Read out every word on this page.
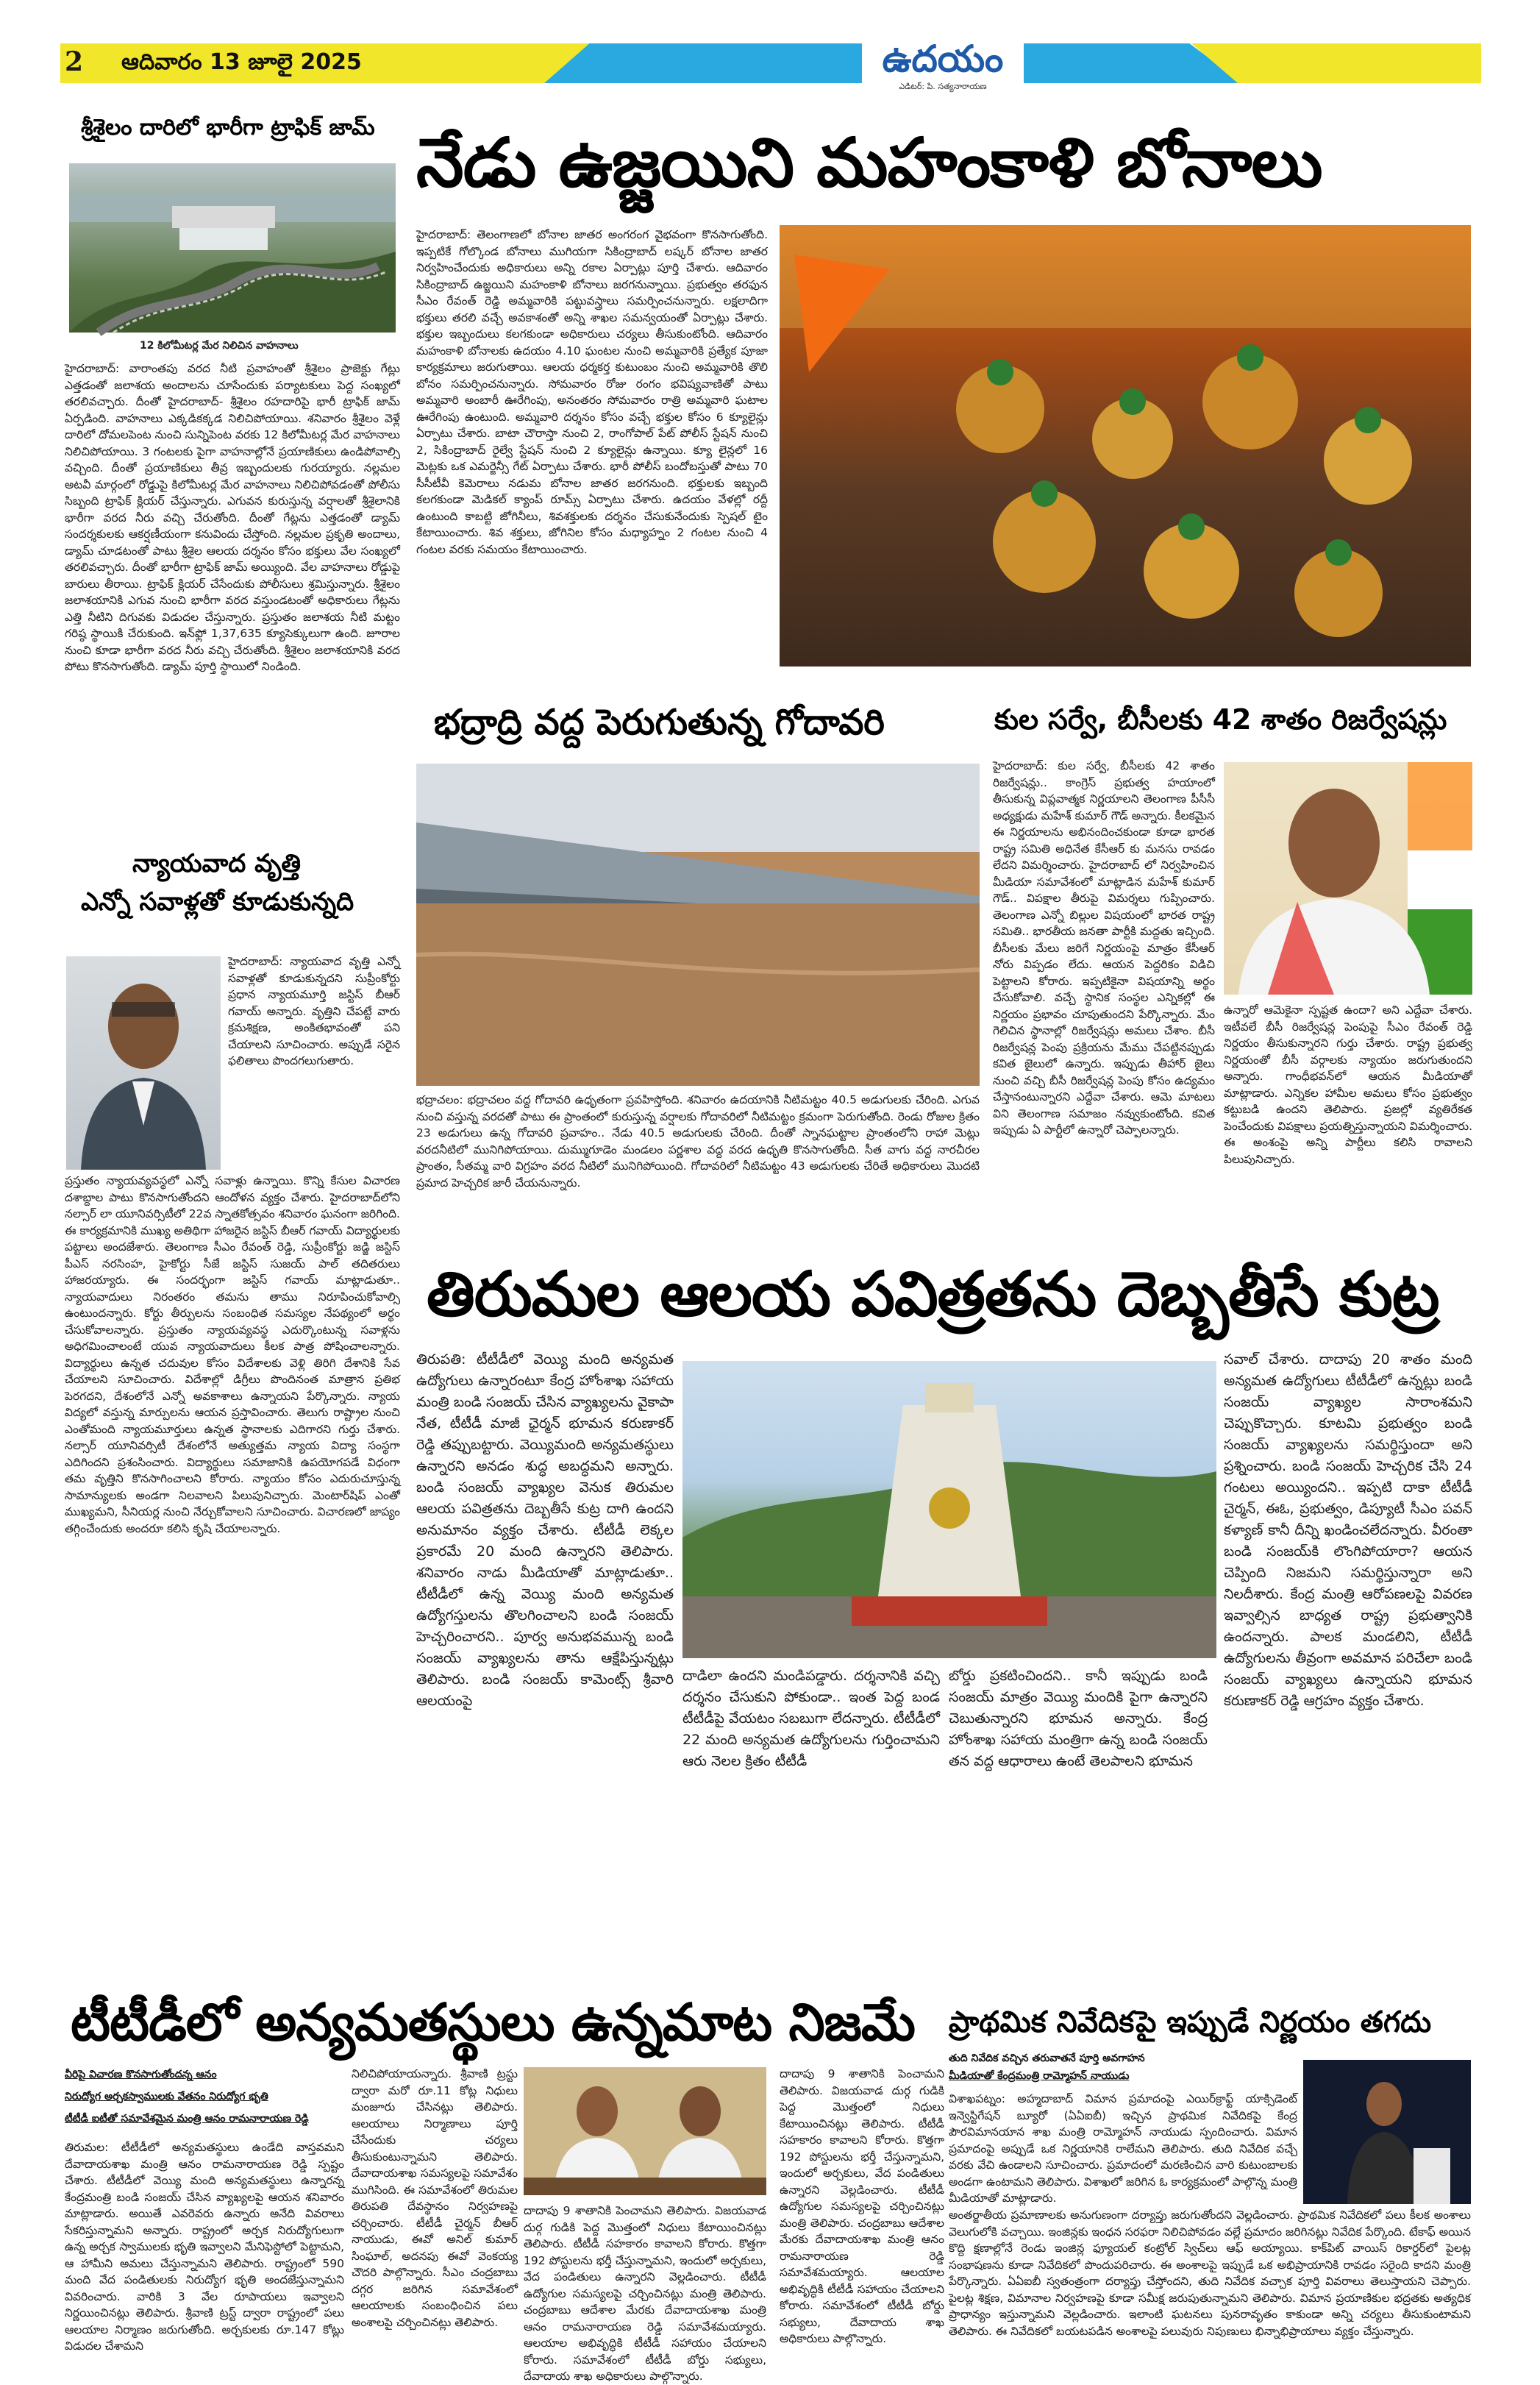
2 ఆదివారం 13 జూలై 2025	ఉదయం
ఎడిటర్: పి. సత్యనారాయణ
శ్రీశైలం దారిలో భారీగా ట్రాఫిక్ జామ్
12 కిలోమీటర్ల మేర నిలిచిన వాహనాలు
హైదరాబాద్: వారాంతపు వరద నీటి ప్రవాహంతో శ్రీశైలం ప్రాజెక్టు గేట్లు ఎత్తడంతో జలాశయ అందాలను చూసేందుకు పర్యాటకులు పెద్ద సంఖ్యలో తరలివచ్చారు. దీంతో హైదరాబాద్- శ్రీశైలం రహదారిపై భారీ ట్రాఫిక్ జామ్ ఏర్పడింది. వాహనాలు ఎక్కడికక్కడ నిలిచిపోయాయి. శనివారం శ్రీశైలం వెళ్లే దారిలో దోమలపెంట నుంచి సున్నిపెంట వరకు 12 కిలోమీటర్ల మేర వాహనాలు నిలిచిపోయాయి. 3 గంటలకు పైగా వాహనాల్లోనే ప్రయాణికులు ఉండిపోవాల్సి వచ్చింది. దీంతో ప్రయాణికులు తీవ్ర ఇబ్బందులకు గురయ్యారు. నల్లమల అటవీ మార్గంలో రోడ్డుపై కిలోమీటర్ల మేర వాహనాలు నిలిచిపోవడంతో పోలీసు సిబ్బంది ట్రాఫిక్ క్లియర్ చేస్తున్నారు. ఎగువన కురుస్తున్న వర్షాలతో శ్రీశైలానికి భారీగా వరద నీరు వచ్చి చేరుతోంది. దీంతో గేట్లను ఎత్తడంతో డ్యామ్ సందర్శకులకు ఆకర్షణీయంగా కనువిందు చేస్తోంది. నల్లమల ప్రకృతి అందాలు, డ్యామ్ చూడటంతో పాటు శ్రీశైల ఆలయ దర్శనం కోసం భక్తులు వేల సంఖ్యలో తరలివచ్చారు. దీంతో భారీగా ట్రాఫిక్ జామ్ అయ్యింది. వేల వాహనాలు రోడ్డుపై బారులు తీరాయి. ట్రాఫిక్ క్లియర్ చేసేందుకు పోలీసులు శ్రమిస్తున్నారు. శ్రీశైలం జలాశయానికి ఎగువ నుంచి భారీగా వరద వస్తుండటంతో అధికారులు గేట్లను ఎత్తి నీటిని దిగువకు విడుదల చేస్తున్నారు. ప్రస్తుతం జలాశయ నీటి మట్టం గరిష్ఠ స్థాయికి చేరుకుంది. ఇన్‌ఫ్లో 1,37,635 క్యూసెక్కులుగా ఉంది. జూరాల నుంచి కూడా భారీగా వరద నీరు వచ్చి చేరుతోంది. శ్రీశైలం జలాశయానికి వరద పోటు కొనసాగుతోంది. డ్యామ్ పూర్తి స్థాయిలో నిండింది.
న్యాయవాద వృత్తి
ఎన్నో సవాళ్లతో కూడుకున్నది
హైదరాబాద్: న్యాయవాద వృత్తి ఎన్నో సవాళ్లతో కూడుకున్నదని సుప్రీంకోర్టు ప్రధాన న్యాయమూర్తి జస్టిస్ బీఆర్ గవాయ్ అన్నారు. వృత్తిని చేపట్టే వారు క్రమశిక్షణ, అంకితభావంతో పని చేయాలని సూచించారు. అప్పుడే సరైన ఫలితాలు పొందగలుగుతారు.
ప్రస్తుతం న్యాయవ్యవస్థలో ఎన్నో సవాళ్లు ఉన్నాయి. కొన్ని కేసుల విచారణ దశాబ్దాల పాటు కొనసాగుతోందని ఆందోళన వ్యక్తం చేశారు. హైదరాబాద్‌లోని నల్సార్ లా యూనివర్సిటీలో 22వ స్నాతకోత్సవం శనివారం ఘనంగా జరిగింది. ఈ కార్యక్రమానికి ముఖ్య అతిథిగా హాజరైన జస్టిస్ బీఆర్ గవాయ్ విద్యార్థులకు పట్టాలు అందజేశారు. తెలంగాణ సీఎం రేవంత్ రెడ్డి, సుప్రీంకోర్టు జడ్జి జస్టిస్ పీఎస్ నరసింహ, హైకోర్టు సీజే జస్టిస్ సుజయ్ పాల్ తదితరులు హాజరయ్యారు. ఈ సందర్భంగా జస్టిస్ గవాయ్ మాట్లాడుతూ.. న్యాయవాదులు నిరంతరం తమను తాము నిరూపించుకోవాల్సి ఉంటుందన్నారు. కోర్టు తీర్పులను సంబంధిత సమస్యల నేపథ్యంలో అర్థం చేసుకోవాలన్నారు. ప్రస్తుతం న్యాయవ్యవస్థ ఎదుర్కొంటున్న సవాళ్లను అధిగమించాలంటే యువ న్యాయవాదులు కీలక పాత్ర పోషించాలన్నారు. విద్యార్థులు ఉన్నత చదువుల కోసం విదేశాలకు వెళ్లి తిరిగి దేశానికి సేవ చేయాలని సూచించారు. విదేశాల్లో డిగ్రీలు పొందినంత మాత్రాన ప్రతిభ పెరగదని, దేశంలోనే ఎన్నో అవకాశాలు ఉన్నాయని పేర్కొన్నారు. న్యాయ విద్యలో వస్తున్న మార్పులను ఆయన ప్రస్తావించారు. తెలుగు రాష్ట్రాల నుంచి ఎంతోమంది న్యాయమూర్తులు ఉన్నత స్థానాలకు ఎదిగారని గుర్తు చేశారు. నల్సార్ యూనివర్సిటీ దేశంలోనే అత్యుత్తమ న్యాయ విద్యా సంస్థగా ఎదిగిందని ప్రశంసించారు. విద్యార్థులు సమాజానికి ఉపయోగపడే విధంగా తమ వృత్తిని కొనసాగించాలని కోరారు. న్యాయం కోసం ఎదురుచూస్తున్న సామాన్యులకు అండగా నిలవాలని పిలుపునిచ్చారు. మెంటార్‌షిప్ ఎంతో ముఖ్యమని, సీనియర్ల నుంచి నేర్చుకోవాలని సూచించారు. విచారణలో జాప్యం తగ్గించేందుకు అందరూ కలిసి కృషి చేయాలన్నారు.
నేడు ఉజ్జయిని మహంకాళి బోనాలు
హైదరాబాద్: తెలంగాణలో బోనాల జాతర అంగరంగ వైభవంగా కొనసాగుతోంది. ఇప్పటికే గోల్కొండ బోనాలు ముగియగా సికింద్రాబాద్ లష్కర్ బోనాల జాతర నిర్వహించేందుకు అధికారులు అన్ని రకాల ఏర్పాట్లు పూర్తి చేశారు. ఆదివారం సికింద్రాబాద్ ఉజ్జయిని మహంకాళి బోనాలు జరగనున్నాయి. ప్రభుత్వం తరఫున సీఎం రేవంత్ రెడ్డి అమ్మవారికి పట్టువస్త్రాలు సమర్పించనున్నారు. లక్షలాదిగా భక్తులు తరలి వచ్చే అవకాశంతో అన్ని శాఖల సమన్వయంతో ఏర్పాట్లు చేశారు. భక్తుల ఇబ్బందులు కలగకుండా అధికారులు చర్యలు తీసుకుంటోంది. ఆదివారం మహంకాళి బోనాలకు ఉదయం 4.10 ఘంటల నుంచి అమ్మవారికి ప్రత్యేక పూజా కార్యక్రమాలు జరుగుతాయి. ఆలయ ధర్మకర్త కుటుంబం నుంచి అమ్మవారికి తొలి బోనం సమర్పించనున్నారు. సోమవారం రోజు రంగం భవిష్యవాణితో పాటు అమ్మవారి అంబారీ ఊరేగింపు, అనంతరం సోమవారం రాత్రి అమ్మవారి ఘటాల ఊరేగింపు ఉంటుంది. అమ్మవారి దర్శనం కోసం వచ్చే భక్తుల కోసం 6 క్యూలైన్లు ఏర్పాటు చేశారు. బాటా చౌరాస్తా నుంచి 2, రాంగోపాల్ పేట్ పోలీస్ స్టేషన్ నుంచి 2, సికింద్రాబాద్ రైల్వే స్టేషన్ నుంచి 2 క్యూలైన్లు ఉన్నాయి. క్యూ లైన్లలో 16 మెట్లకు ఒక ఎమర్జెన్సీ గేట్ ఏర్పాటు చేశారు. భారీ పోలీస్ బందోబస్తుతో పాటు 70 సీసీటీవీ కెమెరాలు నడుమ బోనాల జాతర జరగనుంది. భక్తులకు ఇబ్బంది కలగకుండా మెడికల్ క్యాంప్ రూమ్స్ ఏర్పాటు చేశారు. ఉదయం వేళల్లో రద్దీ ఉంటుంది కాబట్టి జోగినీలు, శివశక్తులకు దర్శనం చేసుకునేందుకు స్పెషల్ టైం కేటాయించారు. శివ శక్తులు, జోగినిల కోసం మధ్యాహ్నం 2 గంటల నుంచి 4 గంటల వరకు సమయం కేటాయించారు.
భద్రాద్రి వద్ద పెరుగుతున్న గోదావరి
భద్రాచలం: భద్రాచలం వద్ద గోదావరి ఉధృతంగా ప్రవహిస్తోంది. శనివారం ఉదయానికి నీటిమట్టం 40.5 అడుగులకు చేరింది. ఎగువ నుంచి వస్తున్న వరదతో పాటు ఈ ప్రాంతంలో కురుస్తున్న వర్షాలకు గోదావరిలో నీటిమట్టం క్రమంగా పెరుగుతోంది. రెండు రోజుల క్రితం 23 అడుగులు ఉన్న గోదావరి ప్రవాహం.. నేడు 40.5 అడుగులకు చేరింది. దీంతో స్నానఘట్టాల ప్రాంతంలోని రాహా మెట్లు వరదనీటిలో మునిగిపోయాయి. దుమ్ముగూడెం మండలం పర్ణశాల వద్ద వరద ఉధృతి కొనసాగుతోంది. సీత వాగు వద్ద నారచీరల ప్రాంతం, సీతమ్మ వారి విగ్రహం వరద నీటిలో మునిగిపోయింది. గోదావరిలో నీటిమట్టం 43 అడుగులకు చేరితే అధికారులు మొదటి ప్రమాద హెచ్చరిక జారీ చేయనున్నారు.
కుల సర్వే, బీసీలకు 42 శాతం రిజర్వేషన్లు
హైదరాబాద్: కుల సర్వే, బీసీలకు 42 శాతం రిజర్వేషన్లు.. కాంగ్రెస్ ప్రభుత్వ హయాంలో తీసుకున్న విప్లవాత్మక నిర్ణయాలని తెలంగాణ పీసీసీ అధ్యక్షుడు మహేశ్ కుమార్ గౌడ్ అన్నారు. కీలకమైన ఈ నిర్ణయాలను అభినందించకుండా కూడా భారత రాష్ట్ర సమితి అధినేత కేసీఆర్ కు మనసు రావడం లేదని విమర్శించారు. హైదరాబాద్ లో నిర్వహించిన మీడియా సమావేశంలో మాట్లాడిన మహేశ్ కుమార్ గౌడ్.. విపక్షాల తీరుపై విమర్శలు గుప్పించారు. తెలంగాణ ఎన్నో బిల్లుల విషయంలో భారత రాష్ట్ర సమితి.. భారతీయ జనతా పార్టీకి మద్దతు ఇచ్చింది. బీసీలకు మేలు జరిగే నిర్ణయంపై మాత్రం కేసీఆర్ నోరు విప్పడం లేదు. ఆయన పెద్దరికం విడిచి పెట్టాలని కోరారు. ఇప్పటికైనా విషయాన్ని అర్థం చేసుకోవాలి. వచ్చే స్థానిక సంస్థల ఎన్నికల్లో ఈ నిర్ణయం ప్రభావం చూపుతుందని పేర్కొన్నారు. మేం గెలిచిన స్థానాల్లో రిజర్వేషన్లు అమలు చేశాం. బీసీ రిజర్వేషన్ల పెంపు ప్రక్రియను మేము చేపట్టినప్పుడు కవిత జైలులో ఉన్నారు. ఇప్పుడు తీహార్ జైలు నుంచి వచ్చి బీసీ రిజర్వేషన్ల పెంపు కోసం ఉద్యమం చేస్తానంటున్నారని ఎద్దేవా చేశారు. ఆమె మాటలు విని తెలంగాణ సమాజం నవ్వుకుంటోంది. కవిత ఇప్పుడు ఏ పార్టీలో ఉన్నారో చెప్పాలన్నారు.
ఉన్నారో ఆమెకైనా స్పష్టత ఉందా? అని ఎద్దేవా చేశారు. ఇటీవలే బీసీ రిజర్వేషన్ల పెంపుపై సీఎం రేవంత్ రెడ్డి నిర్ణయం తీసుకున్నారని గుర్తు చేశారు. రాష్ట్ర ప్రభుత్వ నిర్ణయంతో బీసీ వర్గాలకు న్యాయం జరుగుతుందని అన్నారు. గాంధీభవన్‌లో ఆయన మీడియాతో మాట్లాడారు. ఎన్నికల హామీల అమలు కోసం ప్రభుత్వం కట్టుబడి ఉందని తెలిపారు. ప్రజల్లో వ్యతిరేకత పెంచేందుకు విపక్షాలు ప్రయత్నిస్తున్నాయని విమర్శించారు. ఈ అంశంపై అన్ని పార్టీలు కలిసి రావాలని పిలుపునిచ్చారు.
తిరుమల ఆలయ పవిత్రతను దెబ్బతీసే కుట్ర
తిరుపతి: టీటీడీలో వెయ్యి మంది అన్యమత ఉద్యోగులు ఉన్నారంటూ కేంద్ర హోంశాఖ సహాయ మంత్రి బండి సంజయ్ చేసిన వ్యాఖ్యలను వైకాపా నేత, టీటీడీ మాజీ ఛైర్మన్ భూమన కరుణాకర్ రెడ్డి తప్పుబట్టారు. వెయ్యిమంది అన్యమతస్థులు ఉన్నారని అనడం శుద్ధ అబద్ధమని అన్నారు. బండి సంజయ్ వ్యాఖ్యల వెనుక తిరుమల ఆలయ పవిత్రతను దెబ్బతీసే కుట్ర దాగి ఉందని అనుమానం వ్యక్తం చేశారు. టీటీడీ లెక్కల ప్రకారమే 20 మంది ఉన్నారని తెలిపారు. శనివారం నాడు మీడియాతో మాట్లాడుతూ.. టీటీడీలో ఉన్న వెయ్యి మంది అన్యమత ఉద్యోగస్తులను తొలగించాలని బండి సంజయ్ హెచ్చరించారని.. పూర్వ అనుభవమున్న బండి సంజయ్ వ్యాఖ్యలను తాను ఆక్షేపిస్తున్నట్లు తెలిపారు. బండి సంజయ్ కామెంట్స్ శ్రీవారి ఆలయంపై
దాడిలా ఉందని మండిపడ్డారు. దర్శనానికి వచ్చి దర్శనం చేసుకుని పోకుండా.. ఇంత పెద్ద బండ టీటీడీపై వేయటం సబబుగా లేదన్నారు. టీటీడీలో 22 మంది అన్యమత ఉద్యోగులను గుర్తించామని ఆరు నెలల క్రితం టీటీడీ
బోర్డు ప్రకటించిందని.. కానీ ఇప్పుడు బండి సంజయ్ మాత్రం వెయ్యి మందికి పైగా ఉన్నారని చెబుతున్నారని భూమన అన్నారు. కేంద్ర హోంశాఖ సహాయ మంత్రిగా ఉన్న బండి సంజయ్ తన వద్ద ఆధారాలు ఉంటే తెలపాలని భూమన
సవాల్ చేశారు. దాదాపు 20 శాతం మంది అన్యమత ఉద్యోగులు టీటీడీలో ఉన్నట్లు బండి సంజయ్ వ్యాఖ్యల సారాంశమని చెప్పుకొచ్చారు. కూటమి ప్రభుత్వం బండి సంజయ్ వ్యాఖ్యలను సమర్థిస్తుందా అని ప్రశ్నించారు. బండి సంజయ్ హెచ్చరిక చేసి 24 గంటలు అయ్యిందని.. ఇప్పటి దాకా టీటీడీ చైర్మన్, ఈఓ, ప్రభుత్వం, డిప్యూటీ సీఎం పవన్ కళ్యాణ్ కానీ దీన్ని ఖండించలేదన్నారు. వీరంతా బండి సంజయ్‌కి లొంగిపోయారా? ఆయన చెప్పింది నిజమని సమర్థిస్తున్నారా అని నిలదీశారు. కేంద్ర మంత్రి ఆరోపణలపై వివరణ ఇవ్వాల్సిన బాధ్యత రాష్ట్ర ప్రభుత్వానికి ఉందన్నారు. పాలక మండలిని, టీటీడీ ఉద్యోగులను తీవ్రంగా అవమాన పరిచేలా బండి సంజయ్ వ్యాఖ్యలు ఉన్నాయని భూమన కరుణాకర్ రెడ్డి ఆగ్రహం వ్యక్తం చేశారు.
టీటీడీలో అన్యమతస్థులు ఉన్నమాట నిజమే
వీరిపై విచారణ కొనసాగుతోందన్న ఆనం
నిరుద్యోగ అర్చకస్వాములకు వేతనం నిరుద్యోగ భృతి
టీటీడీ ఐటీతో సమావేశమైన మంత్రి ఆనం రామనారాయణ రెడ్డి
తిరుమల: టీటీడీలో అన్యమతస్థులు ఉండేది వాస్తవమని దేవాదాయశాఖ మంత్రి ఆనం రామనారాయణ రెడ్డి స్పష్టం చేశారు. టీటీడీలో వెయ్యి మంది అన్యమతస్థులు ఉన్నారన్న కేంద్రమంత్రి బండి సంజయ్ చేసిన వ్యాఖ్యలపై ఆయన శనివారం మాట్లాడారు. అయితే ఎవరెవరు ఉన్నారు అనేది వివరాలు సేకరిస్తున్నామని అన్నారు. రాష్ట్రంలో అర్చక నిరుద్యోగులుగా ఉన్న అర్చక స్వాములకు భృతి ఇవ్వాలని మేనిఫెస్టోలో పెట్టామని, ఆ హామీని అమలు చేస్తున్నామని తెలిపారు. రాష్ట్రంలో 590 మంది వేద పండితులకు నిరుద్యోగ భృతి అందజేస్తున్నామని వివరించారు. వారికి 3 వేల రూపాయలు ఇవ్వాలని నిర్ణయించినట్లు తెలిపారు. శ్రీవాణి ట్రస్ట్ ద్వారా రాష్ట్రంలో పలు ఆలయాల నిర్మాణం జరుగుతోంది. అర్చకులకు రూ.147 కోట్లు విడుదల చేశామని
నిలిచిపోయాయన్నారు. శ్రీవాణి ట్రస్టు ద్వారా మరో రూ.11 కోట్ల నిధులు మంజూరు చేసినట్లు తెలిపారు. ఆలయాలు నిర్మాణాలు పూర్తి చేసేందుకు చర్యలు తీసుకుంటున్నామని తెలిపారు. దేవాదాయశాఖ సమస్యలపై సమావేశం ముగిసింది. ఈ సమావేశంలో తిరుమల తిరుపతి దేవస్థానం నిర్వహణపై చర్చించారు. టీటీడీ చైర్మన్ బీఆర్ నాయుడు, ఈవో అనిల్ కుమార్ సింఘాల్, అదనపు ఈవో వెంకయ్య చౌదరి పాల్గొన్నారు. సీఎం చంద్రబాబు దగ్గర జరిగిన సమావేశంలో ఆలయాలకు సంబంధించిన పలు అంశాలపై చర్చించినట్లు తెలిపారు.
దాదాపు 9 శాతానికి పెంచామని తెలిపారు. విజయవాడ దుర్గ గుడికి పెద్ద మొత్తంలో నిధులు కేటాయించినట్లు తెలిపారు. టీటీడీ సహకారం కావాలని కోరారు. కొత్తగా 192 పోస్టులను భర్తీ చేస్తున్నామని, ఇందులో అర్చకులు, వేద పండితులు ఉన్నారని వెల్లడించారు. టీటీడీ ఉద్యోగుల సమస్యలపై చర్చించినట్లు మంత్రి తెలిపారు. చంద్రబాబు ఆదేశాల మేరకు దేవాదాయశాఖ మంత్రి ఆనం రామనారాయణ రెడ్డి సమావేశమయ్యారు. ఆలయాల అభివృద్ధికి టీటీడీ సహాయం చేయాలని కోరారు. సమావేశంలో టీటీడీ బోర్డు సభ్యులు, దేవాదాయ శాఖ అధికారులు పాల్గొన్నారు.
దాదాపు 9 శాతానికి పెంచామని తెలిపారు. విజయవాడ దుర్గ గుడికి పెద్ద మొత్తంలో నిధులు కేటాయించినట్లు తెలిపారు. టీటీడీ సహకారం కావాలని కోరారు. కొత్తగా 192 పోస్టులను భర్తీ చేస్తున్నామని, ఇందులో అర్చకులు, వేద పండితులు ఉన్నారని వెల్లడించారు. టీటీడీ ఉద్యోగుల సమస్యలపై చర్చించినట్లు మంత్రి తెలిపారు. చంద్రబాబు ఆదేశాల మేరకు దేవాదాయశాఖ మంత్రి ఆనం రామనారాయణ రెడ్డి సమావేశమయ్యారు. ఆలయాల అభివృద్ధికి టీటీడీ సహాయం చేయాలని కోరారు. సమావేశంలో టీటీడీ బోర్డు సభ్యులు, దేవాదాయ శాఖ అధికారులు పాల్గొన్నారు.
ప్రాథమిక నివేదికపై ఇప్పుడే నిర్ణయం తగదు
తుది నివేదిక వచ్చిన తరువాతనే పూర్తి అవగాహన
మీడియాతో కేంద్రమంత్రి రామ్మోహన్ నాయుడు
విశాఖపట్నం: అహ్మదాబాద్ విమాన ప్రమాదంపై ఎయిర్‌క్రాఫ్ట్ యాక్సిడెంట్ ఇన్వెస్టిగేషన్ బ్యూరో (ఏఏఐబీ) ఇచ్చిన ప్రాథమిక నివేదికపై కేంద్ర పౌరవిమానయాన శాఖ మంత్రి రామ్మోహన్ నాయుడు స్పందించారు. విమాన ప్రమాదంపై అప్పుడే ఒక నిర్ణయానికి రాలేమని తెలిపారు. తుది నివేదిక వచ్చే వరకు వేచి ఉండాలని సూచించారు. ప్రమాదంలో మరణించిన వారి కుటుంబాలకు అండగా ఉంటామని తెలిపారు. విశాఖలో జరిగిన ఓ కార్యక్రమంలో పాల్గొన్న మంత్రి మీడియాతో మాట్లాడారు.
అంతర్జాతీయ ప్రమాణాలకు అనుగుణంగా దర్యాప్తు జరుగుతోందని వెల్లడించారు. ప్రాథమిక నివేదికలో పలు కీలక అంశాలు వెలుగులోకి వచ్చాయి. ఇంజిన్లకు ఇంధన సరఫరా నిలిచిపోవడం వల్లే ప్రమాదం జరిగినట్లు నివేదిక పేర్కొంది. టేకాఫ్ అయిన కొద్ది క్షణాల్లోనే రెండు ఇంజిన్ల ఫ్యూయల్ కంట్రోల్ స్విచ్‌లు ఆఫ్ అయ్యాయి. కాక్‌పిట్ వాయిస్ రికార్డర్‌లో పైలట్ల సంభాషణను కూడా నివేదికలో పొందుపరిచారు. ఈ అంశాలపై ఇప్పుడే ఒక అభిప్రాయానికి రావడం సరైంది కాదని మంత్రి పేర్కొన్నారు. ఏఏఐబీ స్వతంత్రంగా దర్యాప్తు చేస్తోందని, తుది నివేదిక వచ్చాక పూర్తి వివరాలు తెలుస్తాయని చెప్పారు. పైలట్ల శిక్షణ, విమానాల నిర్వహణపై కూడా సమీక్ష జరుపుతున్నామని తెలిపారు. విమాన ప్రయాణికుల భద్రతకు అత్యధిక ప్రాధాన్యం ఇస్తున్నామని వెల్లడించారు. ఇలాంటి ఘటనలు పునరావృతం కాకుండా అన్ని చర్యలు తీసుకుంటామని తెలిపారు. ఈ నివేదికలో బయటపడిన అంశాలపై పలువురు నిపుణులు భిన్నాభిప్రాయాలు వ్యక్తం చేస్తున్నారు.
